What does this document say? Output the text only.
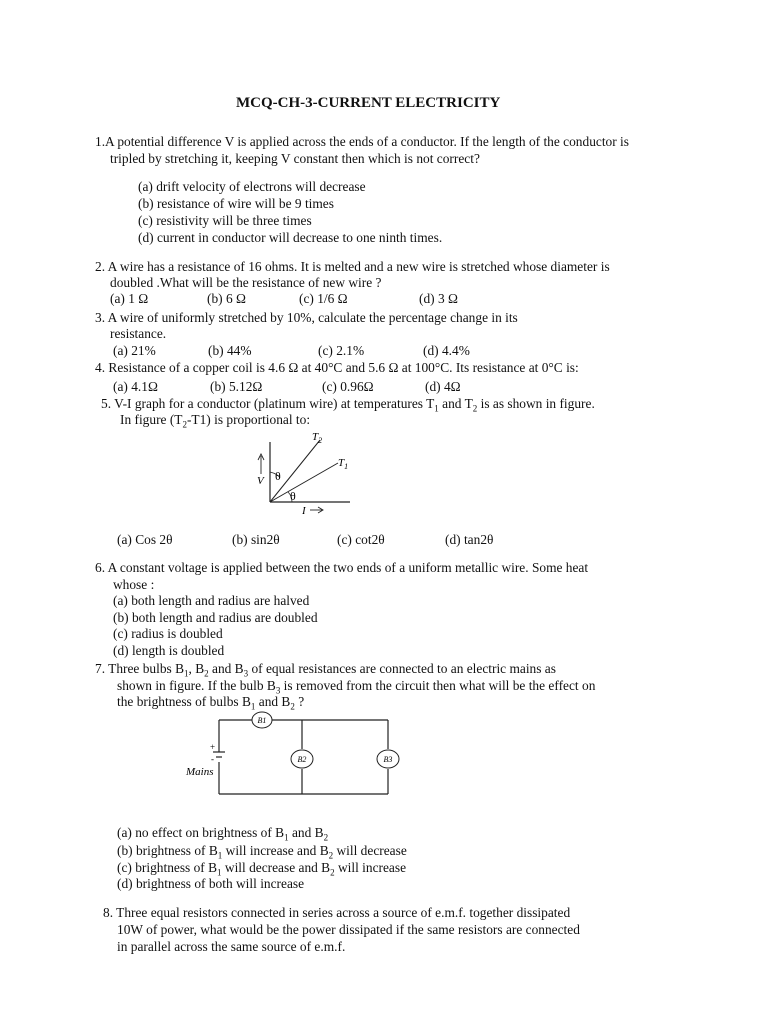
MCQ-CH-3-CURRENT ELECTRICITY
1.A potential difference V is applied across the ends of a conductor. If the length of the conductor is
tripled by stretching it, keeping V constant then which is not correct?
(a) drift velocity of electrons will decrease
(b) resistance of wire will be 9 times
(c) resistivity will be three times
(d) current in conductor will decrease to one ninth times.
2. A wire has a resistance of 16 ohms. It is melted and a new wire is stretched whose diameter is
doubled .What will be the resistance of new wire ?
(a) 1 Ω	(b) 6 Ω	(c) 1/6 Ω	(d) 3 Ω
3. A wire of uniformly stretched by 10%, calculate the percentage change in its
resistance.
(a) 21%	(b) 44%	(c) 2.1%	(d) 4.4%
4. Resistance of a copper coil is 4.6 Ω at 40°C and 5.6 Ω at 100°C. Its resistance at 0°C is:
(a) 4.1Ω	(b) 5.12Ω	(c) 0.96Ω	(d) 4Ω
5. V-I graph for a conductor (platinum wire) at temperatures $T_1$ and $T_2$ is as shown in figure.
In figure $(T_2-T1)$ is proportional to:
V θ
θ
$T_2$
$T_1$
I
(a) Cos 2θ	(b) sin2θ	(c) cot2θ	(d) tan2θ
6. A constant voltage is applied between the two ends of a uniform metallic wire. Some heat
whose :
(a) both length and radius are halved
(b) both length and radius are doubled
(c) radius is doubled
(d) length is doubled
7. Three bulbs $B_1$, $B_2$ and $B_3$ of equal resistances are connected to an electric mains as
shown in figure. If the bulb $B_3$ is removed from the circuit then what will be the effect on
the brightness of bulbs $B_1$ and $B_2$ ?
+
-
Mains
B1
B2	B3
(a) no effect on brightness of $B_1$ and $B_2$
(b) brightness of $B_1$ will increase and $B_2$ will decrease
(c) brightness of $B_1$ will decrease and $B_2$ will increase
(d) brightness of both will increase
8. Three equal resistors connected in series across a source of e.m.f. together dissipated
10W of power, what would be the power dissipated if the same resistors are connected
in parallel across the same source of e.m.f.
